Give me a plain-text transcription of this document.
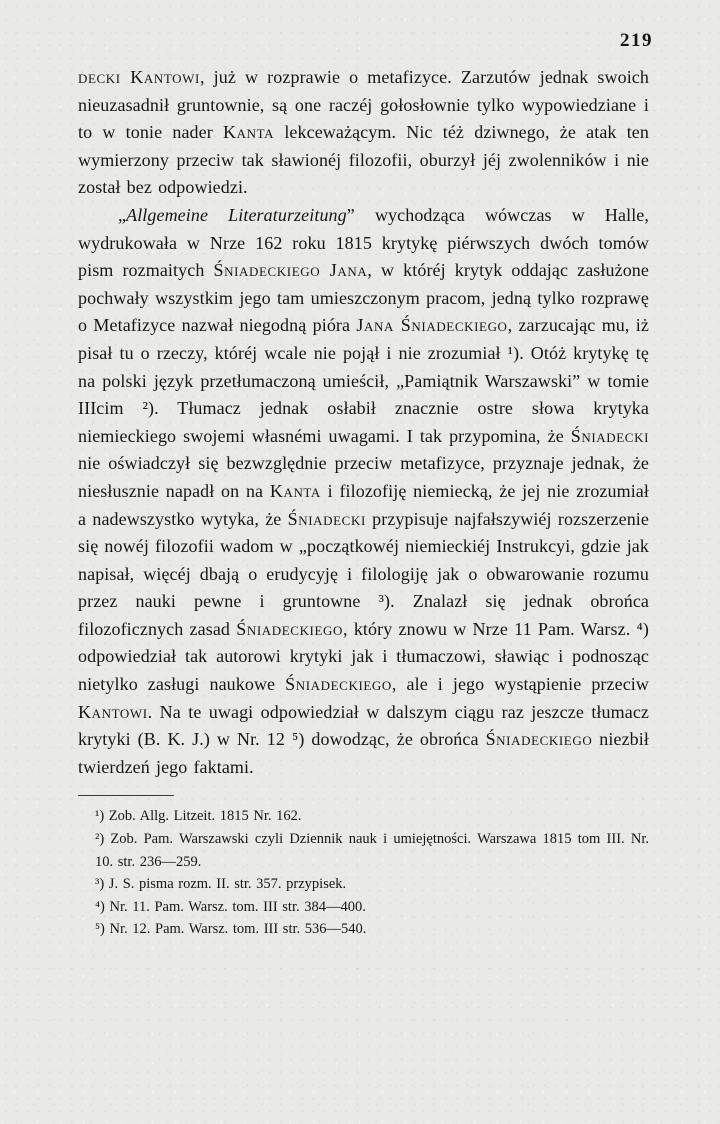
219

decki Kantowi, już w rozprawie o metafizyce. Zarzutów jednak swoich nieuzasadnił gruntownie, są one raczéj gołosłownie tylko wypowiedziane i to w tonie nader Kanta lekceważącym. Nic téż dziwnego, że atak ten wymierzony przeciw tak sławionéj filozofii, oburzył jéj zwolenników i nie został bez odpowiedzi.

„Allgemeine Literaturzeitung” wychodząca wówczas w Halle, wydrukowała w Nrze 162 roku 1815 krytykę piérwszych dwóch tomów pism rozmaitych Śniadeckiego Jana, w któréj krytyk oddając zasłużone pochwały wszystkim jego tam umieszczonym pracom, jedną tylko rozprawę o Metafizyce nazwał niegodną pióra Jana Śniadeckiego, zarzucając mu, iż pisał tu o rzeczy, któréj wcale nie pojął i nie zrozumiał ¹). Otóż krytykę tę na polski język przetłumaczoną umieścił, „Pamiątnik Warszawski” w tomie IIIcim ²). Tłumacz jednak osłabił znacznie ostre słowa krytyka niemieckiego swojemi własnémi uwagami. I tak przypomina, że Śniadecki nie oświadczył się bezwzględnie przeciw metafizyce, przyznaje jednak, że niesłusznie napadł on na Kanta i filozofiję niemiecką, że jej nie zrozumiał a nadewszystko wytyka, że Śniadecki przypisuje najfałszywiéj rozszerzenie się nowéj filozofii wadom w „początkowéj niemieckiéj Instrukcyi, gdzie jak napisał, więcéj dbają o erudycyję i filologiję jak o obwarowanie rozumu przez nauki pewne i gruntowne ³). Znalazł się jednak obrońca filozoficznych zasad Śniadeckiego, który znowu w Nrze 11 Pam. Warsz. ⁴) odpowiedział tak autorowi krytyki jak i tłumaczowi, sławiąc i podnosząc nietylko zasługi naukowe Śniadeckiego, ale i jego wystąpienie przeciw Kantowi. Na te uwagi odpowiedział w dalszym ciągu raz jeszcze tłumacz krytyki (B. K. J.) w Nr. 12 ⁵) dowodząc, że obrońca Śniadeckiego niezbił twierdzeń jego faktami.

¹) Zob. Allg. Litzeit. 1815 Nr. 162.
²) Zob. Pam. Warszawski czyli Dziennik nauk i umiejętności. Warszawa 1815 tom III. Nr. 10. str. 236—259.
³) J. S. pisma rozm. II. str. 357. przypisek.
⁴) Nr. 11. Pam. Warsz. tom. III str. 384—400.
⁵) Nr. 12. Pam. Warsz. tom. III str. 536—540.
